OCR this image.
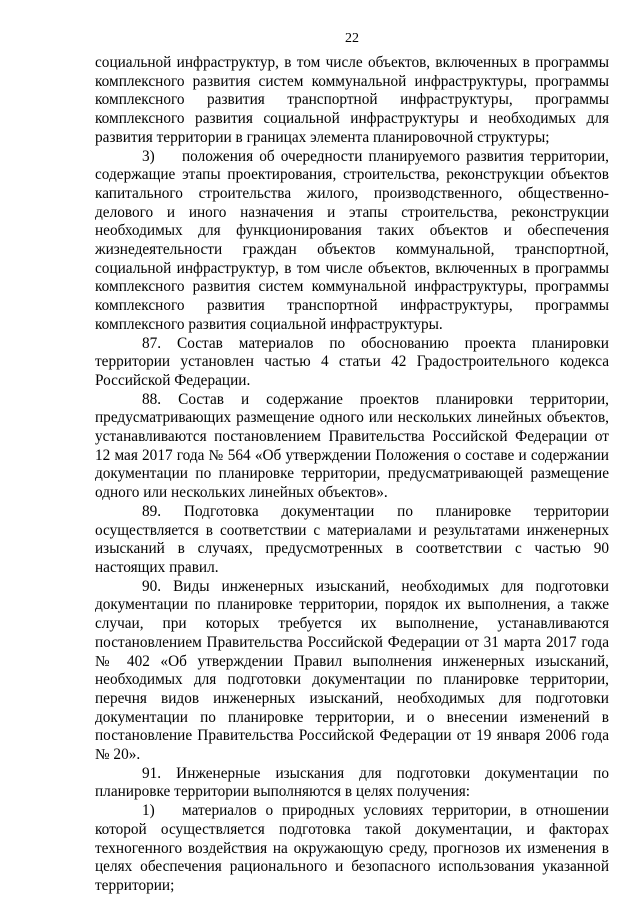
22

социальной инфраструктур, в том числе объектов, включенных в программы комплексного развития систем коммунальной инфраструктуры, программы комплексного развития транспортной инфраструктуры, программы комплексного развития социальной инфраструктуры и необходимых для развития территории в границах элемента планировочной структуры;

3) положения об очередности планируемого развития территории, содержащие этапы проектирования, строительства, реконструкции объектов капитального строительства жилого, производственного, общественно-делового и иного назначения и этапы строительства, реконструкции необходимых для функционирования таких объектов и обеспечения жизнедеятельности граждан объектов коммунальной, транспортной, социальной инфраструктур, в том числе объектов, включенных в программы комплексного развития систем коммунальной инфраструктуры, программы комплексного развития транспортной инфраструктуры, программы комплексного развития социальной инфраструктуры.

87. Состав материалов по обоснованию проекта планировки территории установлен частью 4 статьи 42 Градостроительного кодекса Российской Федерации.

88. Состав и содержание проектов планировки территории, предусматривающих размещение одного или нескольких линейных объектов, устанавливаются постановлением Правительства Российской Федерации от 12 мая 2017 года № 564 «Об утверждении Положения о составе и содержании документации по планировке территории, предусматривающей размещение одного или нескольких линейных объектов».

89. Подготовка документации по планировке территории осуществляется в соответствии с материалами и результатами инженерных изысканий в случаях, предусмотренных в соответствии с частью 90 настоящих правил.

90. Виды инженерных изысканий, необходимых для подготовки документации по планировке территории, порядок их выполнения, а также случаи, при которых требуется их выполнение, устанавливаются постановлением Правительства Российской Федерации от 31 марта 2017 года № 402 «Об утверждении Правил выполнения инженерных изысканий, необходимых для подготовки документации по планировке территории, перечня видов инженерных изысканий, необходимых для подготовки документации по планировке территории, и о внесении изменений в постановление Правительства Российской Федерации от 19 января 2006 года № 20».

91. Инженерные изыскания для подготовки документации по планировке территории выполняются в целях получения:

1) материалов о природных условиях территории, в отношении которой осуществляется подготовка такой документации, и факторах техногенного воздействия на окружающую среду, прогнозов их изменения в целях обеспечения рационального и безопасного использования указанной территории;
